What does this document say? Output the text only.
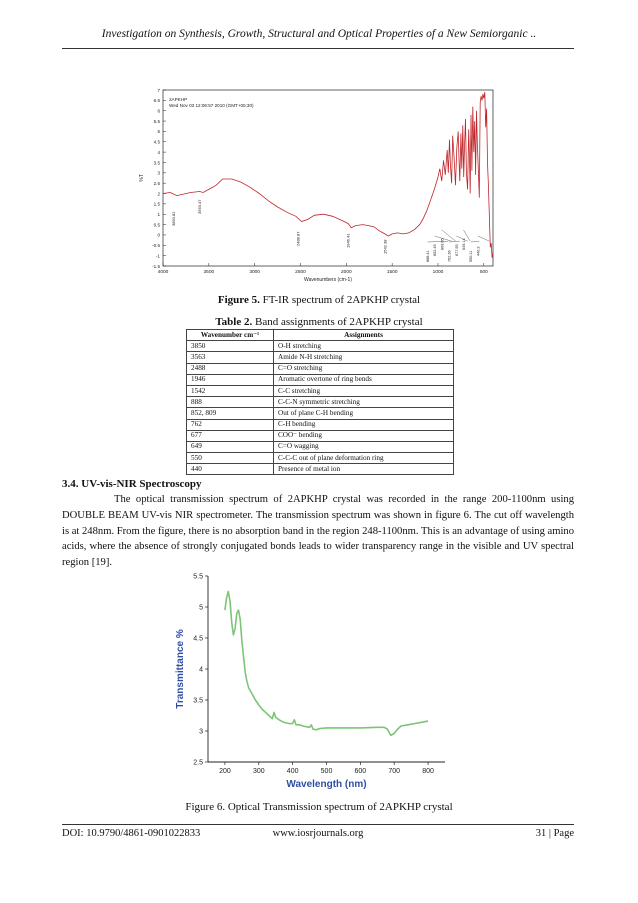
Investigation on Synthesis, Growth, Structural and Optical Properties of a New Semiorganic ..
-1.5
-1
-0.5
0
0.5
1
1.5
2
2.5
3
3.5
4
4.5
5
5.5
6
6.5
7
4000	3500	3000	2500	2000	1500	1000	500
Wavenumbers (cm-1)
%T
2APKHP
Wed Nov 03 12:06:57 2010 (GMT+05:30)
3850.82
3563.47
2488.87	1946.41	1542.38
888.41
852.45
809.65
762.36
677.95
649.14
550.11 440.3
Figure 5. FT-IR spectrum of 2APKHP crystal
Table 2. Band assignments of 2APKHP crystal
Wavenumber cm⁻¹	Assignments
3850	O-H stretching
3563	Amide N-H stretching
2488	C=O stretching
1946	Aromatic overtone of ring bends
1542	C-C stretching
888	C-C-N symmetric stretching
852, 809	Out of plane C-H bending
762	C-H bending
677	COO⁻ bending
649	C=O wagging
550	C-C-C out of plane deformation ring
440	Presence of metal ion
3.4. UV-vis-NIR Spectroscopy
The optical transmission spectrum of 2APKHP crystal was recorded in the range 200-1100nm using DOUBLE BEAM UV-vis NIR spectrometer. The transmission spectrum was shown in figure 6. The cut off wavelength is at 248nm. From the figure, there is no absorption band in the region 248-1100nm. This is an advantage of using amino acids, where the absence of strongly conjugated bonds leads to wider transparency range in the visible and UV spectral region [19].
2.5
3
3.5
4
4.5
5
5.5
200	300	400	500	600	700	800
Wavelength (nm)
Transmittance %
Figure 6. Optical Transmission spectrum of 2APKHP crystal
DOI: 10.9790/4861-0901022833	www.iosrjournals.org	31 | Page
